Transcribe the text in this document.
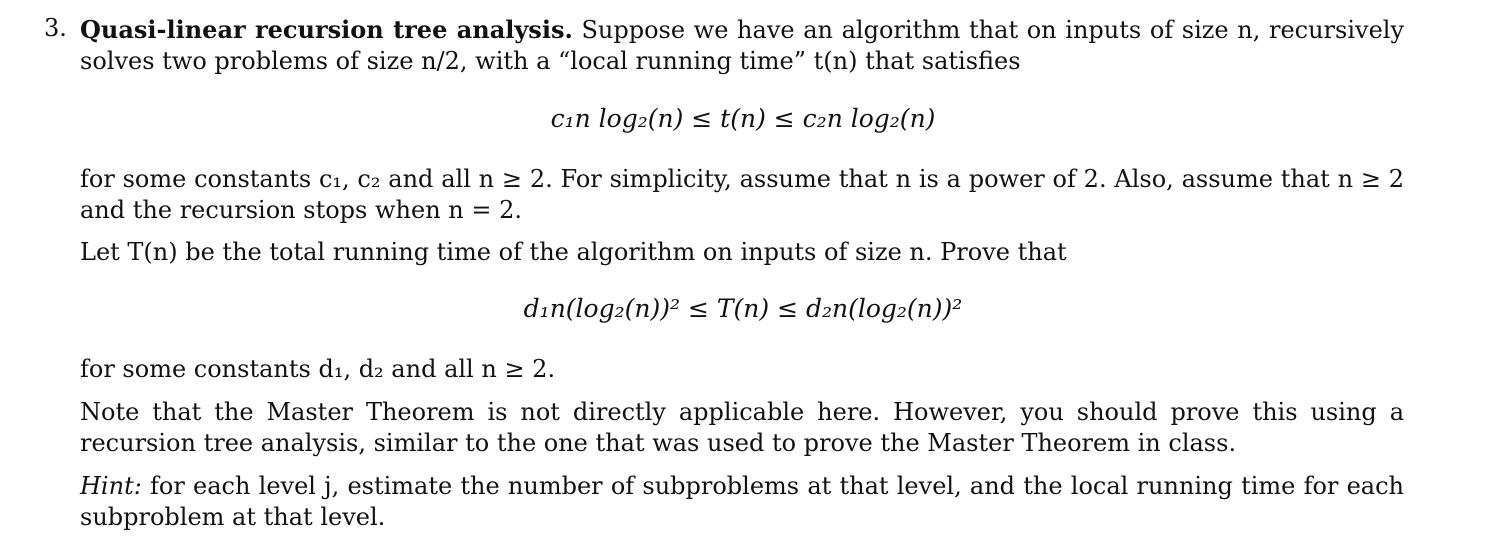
3. Quasi-linear recursion tree analysis. Suppose we have an algorithm that on inputs of size n, recursively solves two problems of size n/2, with a “local running time” t(n) that satisfies
c₁n log₂(n) ≤ t(n) ≤ c₂n log₂(n)
for some constants c₁, c₂ and all n ≥ 2. For simplicity, assume that n is a power of 2. Also, assume that n ≥ 2 and the recursion stops when n = 2.
Let T(n) be the total running time of the algorithm on inputs of size n. Prove that
d₁n(log₂(n))² ≤ T(n) ≤ d₂n(log₂(n))²
for some constants d₁, d₂ and all n ≥ 2.
Note that the Master Theorem is not directly applicable here. However, you should prove this using a recursion tree analysis, similar to the one that was used to prove the Master Theorem in class.
Hint: for each level j, estimate the number of subproblems at that level, and the local running time for each subproblem at that level.
